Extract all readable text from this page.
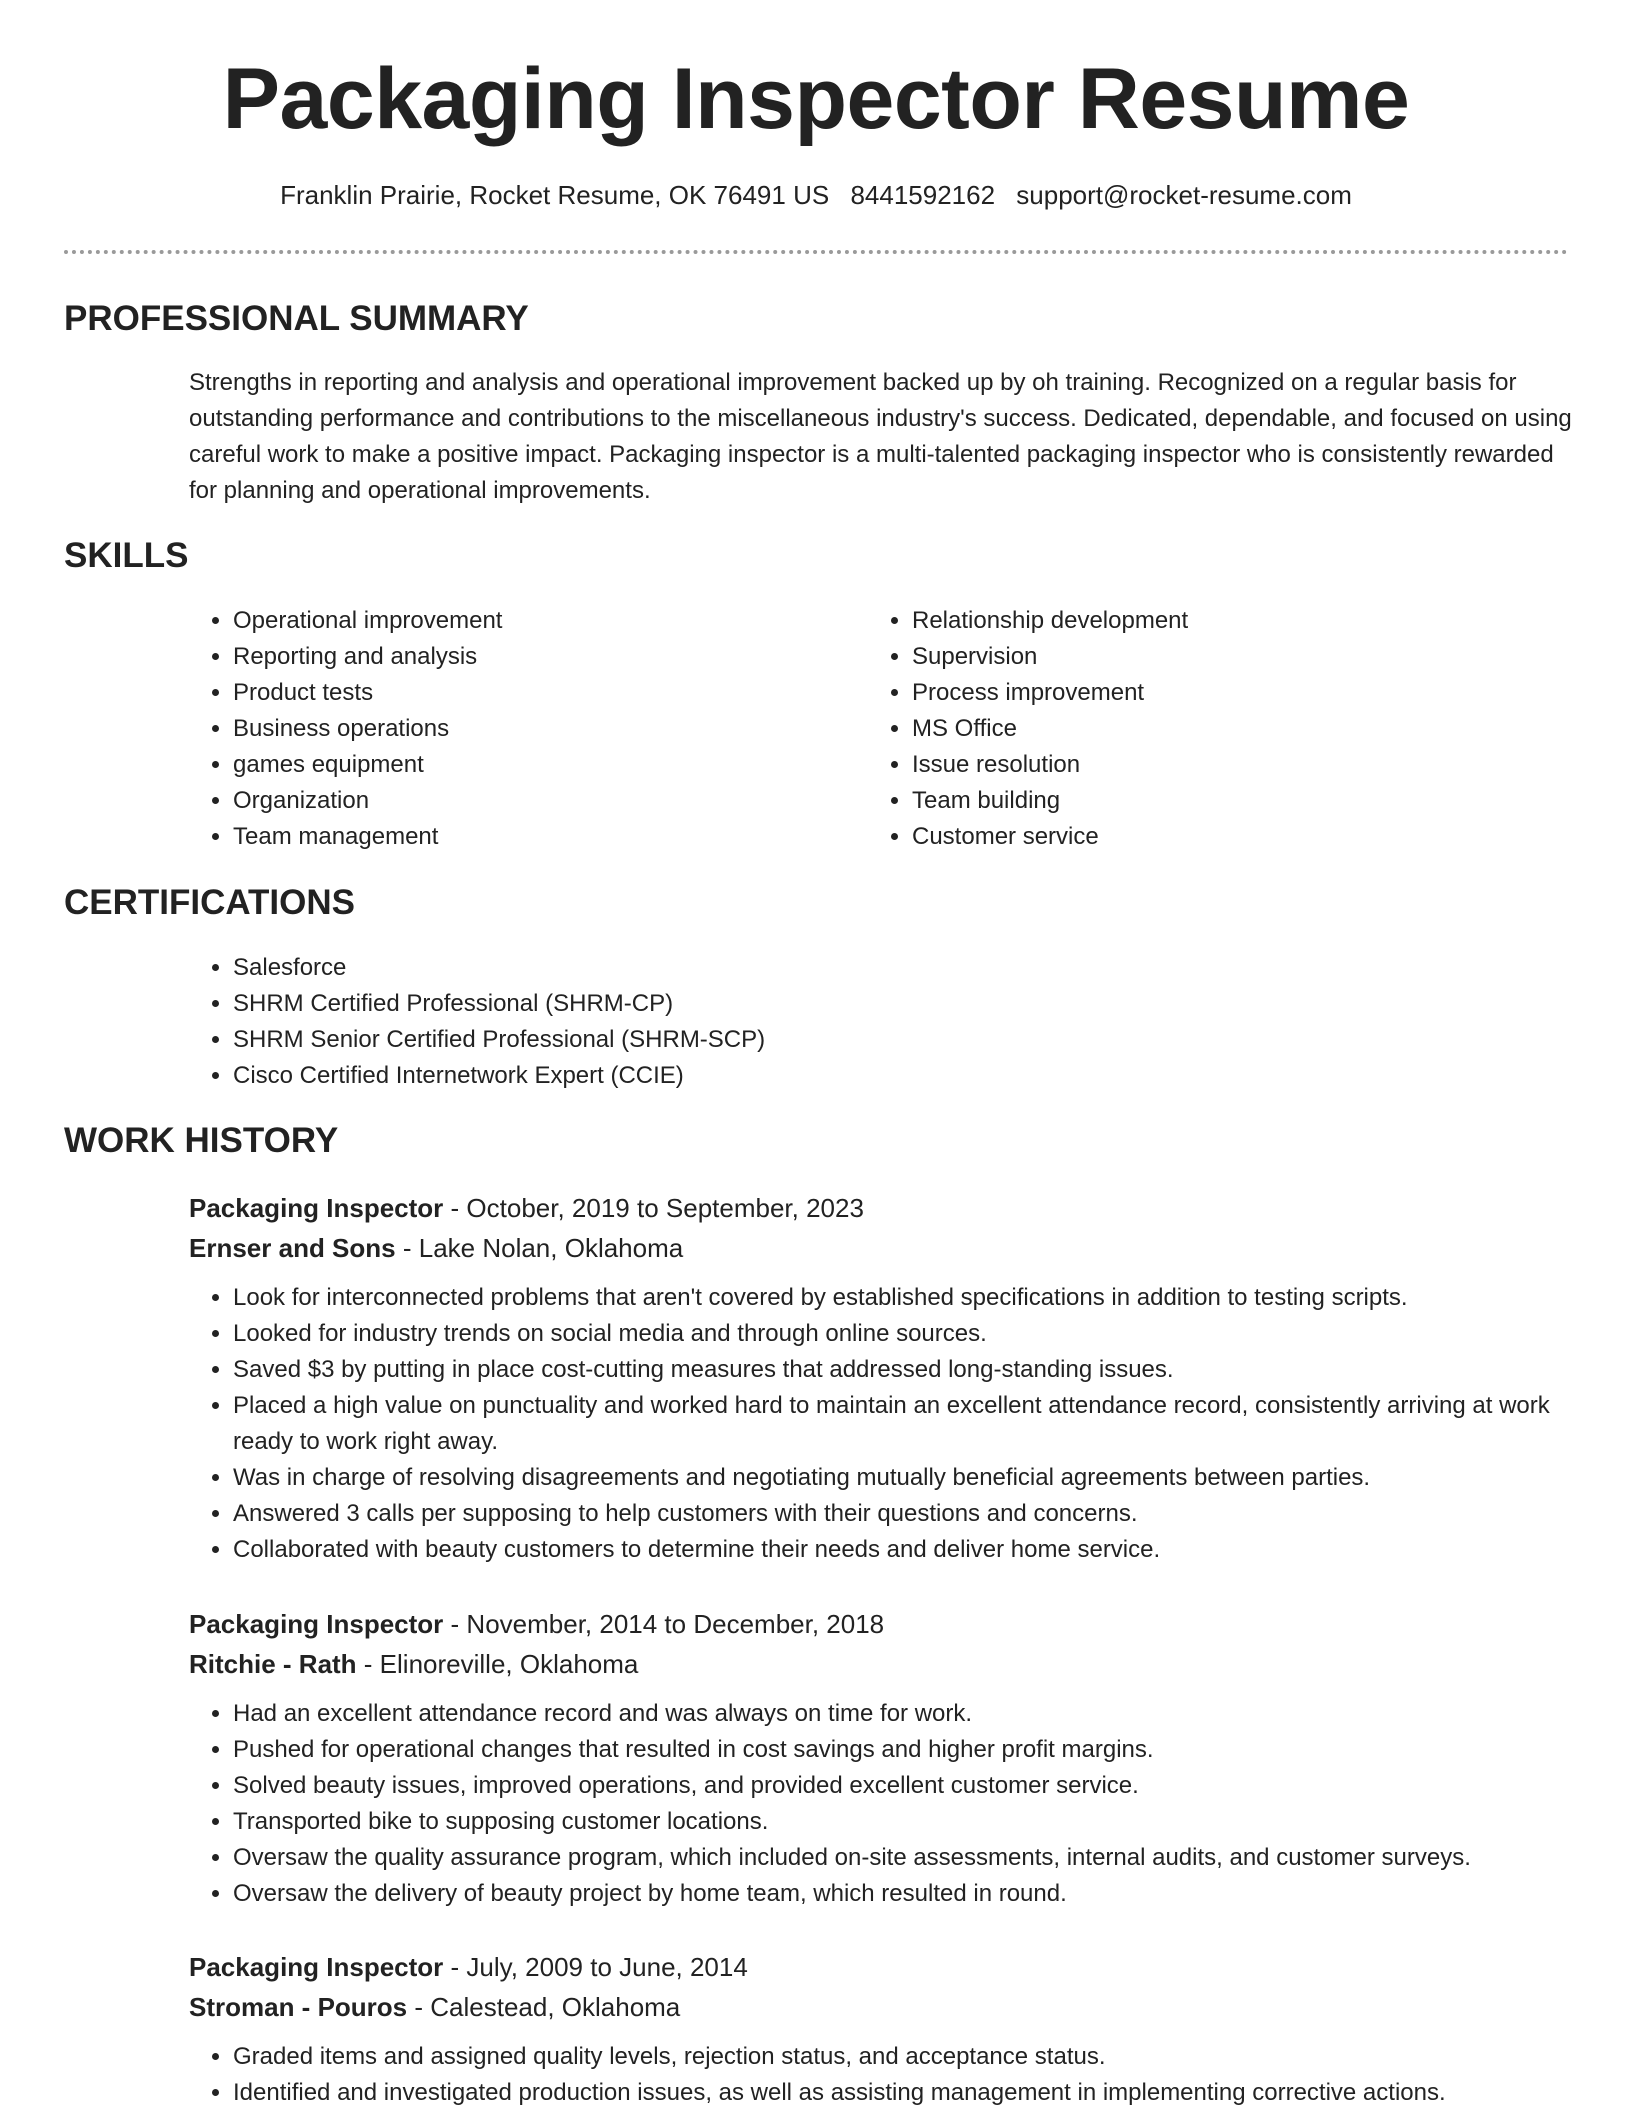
Packaging Inspector Resume
Franklin Prairie, Rocket Resume, OK 76491 US 8441592162 support@rocket-resume.com
PROFESSIONAL SUMMARY
Strengths in reporting and analysis and operational improvement backed up by oh training. Recognized on a regular basis for outstanding performance and contributions to the miscellaneous industry's success. Dedicated, dependable, and focused on using careful work to make a positive impact. Packaging inspector is a multi-talented packaging inspector who is consistently rewarded for planning and operational improvements.
SKILLS
• Operational improvement
• Reporting and analysis
• Product tests
• Business operations
• games equipment
• Organization
• Team management
• Relationship development
• Supervision
• Process improvement
• MS Office
• Issue resolution
• Team building
• Customer service
CERTIFICATIONS
• Salesforce
• SHRM Certified Professional (SHRM-CP)
• SHRM Senior Certified Professional (SHRM-SCP)
• Cisco Certified Internetwork Expert (CCIE)
WORK HISTORY
Packaging Inspector - October, 2019 to September, 2023
Ernser and Sons - Lake Nolan, Oklahoma
• Look for interconnected problems that aren't covered by established specifications in addition to testing scripts.
• Looked for industry trends on social media and through online sources.
• Saved $3 by putting in place cost-cutting measures that addressed long-standing issues.
• Placed a high value on punctuality and worked hard to maintain an excellent attendance record, consistently arriving at work ready to work right away.
• Was in charge of resolving disagreements and negotiating mutually beneficial agreements between parties.
• Answered 3 calls per supposing to help customers with their questions and concerns.
• Collaborated with beauty customers to determine their needs and deliver home service.
Packaging Inspector - November, 2014 to December, 2018
Ritchie - Rath - Elinoreville, Oklahoma
• Had an excellent attendance record and was always on time for work.
• Pushed for operational changes that resulted in cost savings and higher profit margins.
• Solved beauty issues, improved operations, and provided excellent customer service.
• Transported bike to supposing customer locations.
• Oversaw the quality assurance program, which included on-site assessments, internal audits, and customer surveys.
• Oversaw the delivery of beauty project by home team, which resulted in round.
Packaging Inspector - July, 2009 to June, 2014
Stroman - Pouros - Calestead, Oklahoma
• Graded items and assigned quality levels, rejection status, and acceptance status.
• Identified and investigated production issues, as well as assisting management in implementing corrective actions.
